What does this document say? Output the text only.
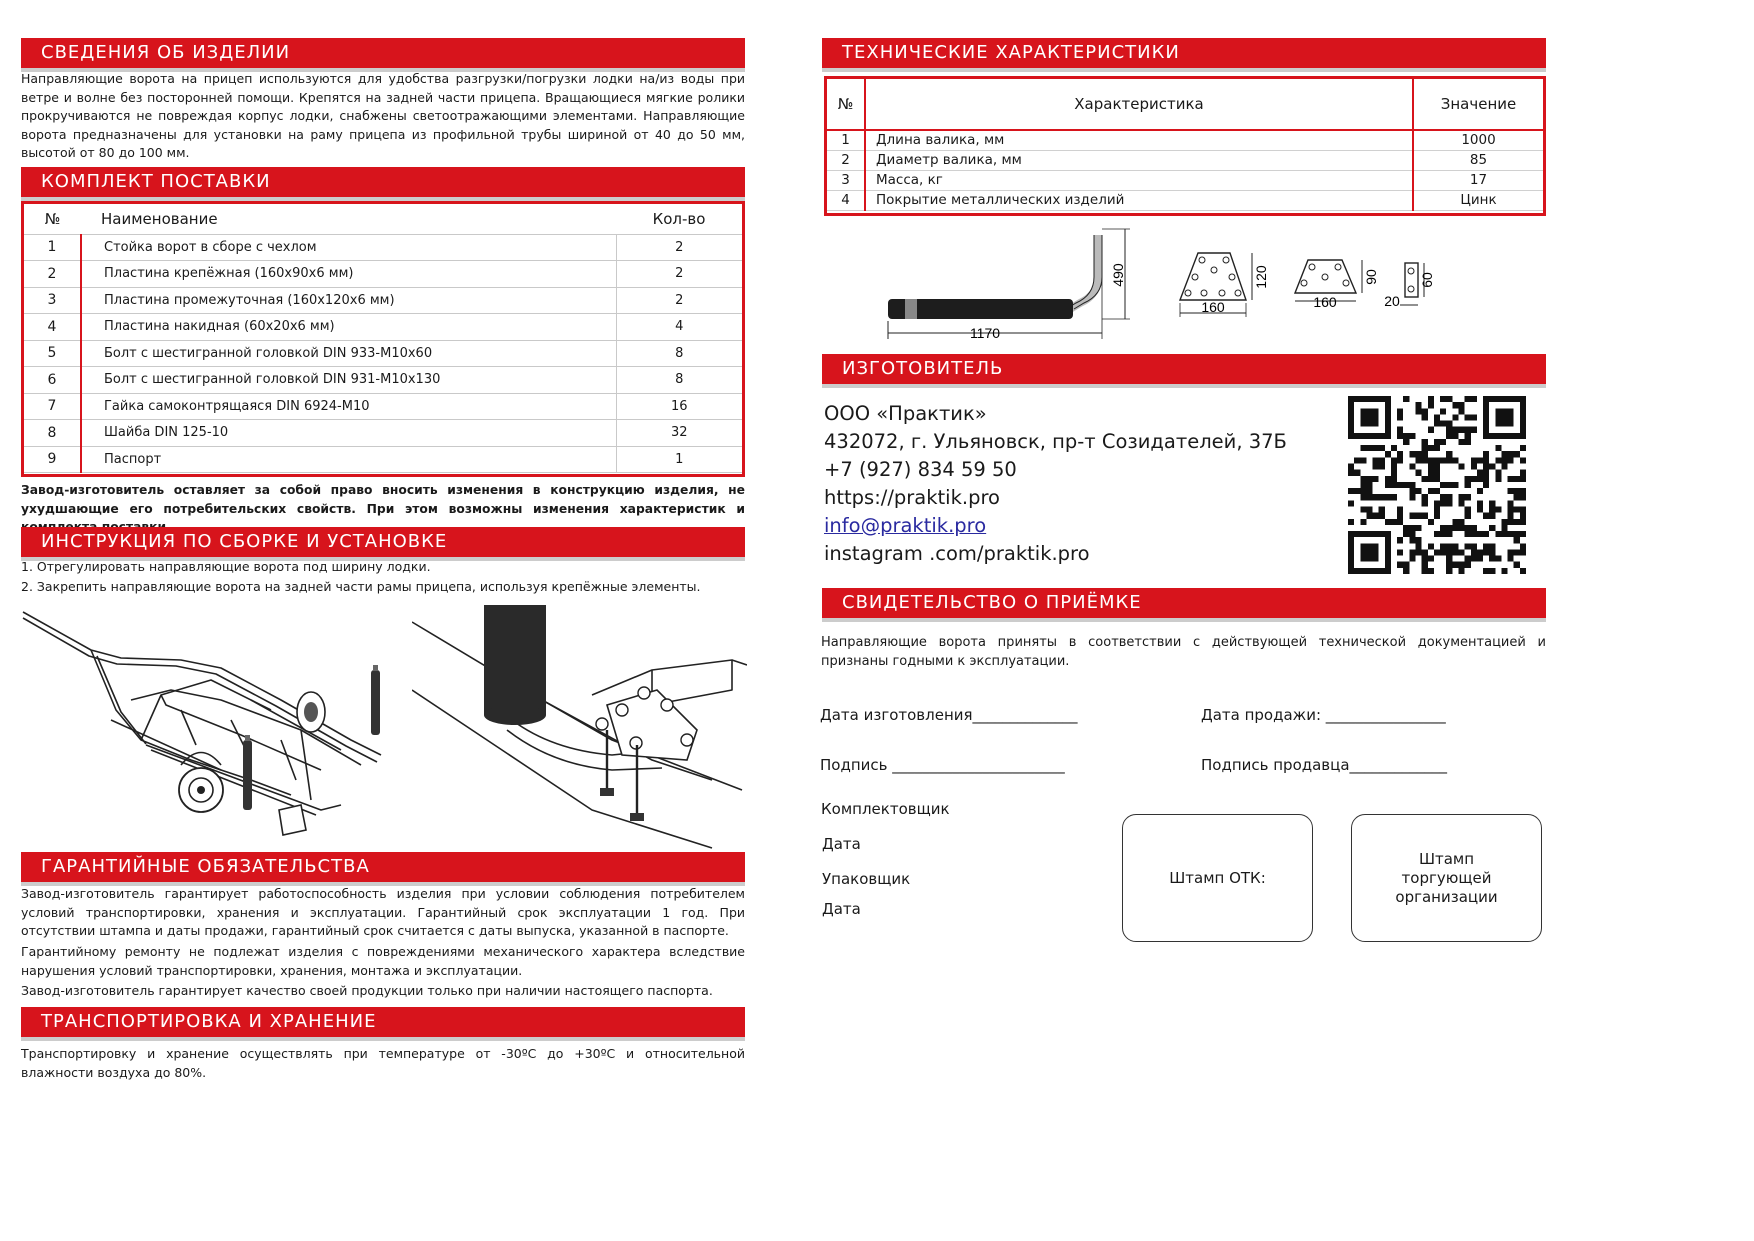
СВЕДЕНИЯ ОБ ИЗДЕЛИИ
Направляющие ворота на прицеп используются для удобства разгрузки/погрузки лодки на/из воды при ветре и волне без посторонней помощи. Крепятся на задней части прицепа. Вращающиеся мягкие ролики прокручиваются не повреждая корпус лодки, снабжены светоотражающими элементами. Направляющие ворота предназначены для установки на раму прицепа из профильной трубы шириной от 40 до 50 мм, высотой от 80 до 100 мм.
КОМПЛЕКТ ПОСТАВКИ
№	Наименование	Кол-во
1	Стойка ворот в сборе с чехлом	2
2	Пластина крепёжная (160х90х6 мм)	2
3	Пластина промежуточная (160х120х6 мм)	2
4	Пластина накидная (60х20х6 мм)	4
5	Болт с шестигранной головкой DIN 933-M10х60	8
6	Болт с шестигранной головкой DIN 931-M10х130	8
7	Гайка самоконтрящаяся DIN 6924-M10	16
8	Шайба DIN 125-10	32
9	Паспорт	1
Завод-изготовитель оставляет за собой право вносить изменения в конструкцию изделия, не ухудшающие его потребительских свойств. При этом возможны изменения характеристик и
ИНСТРУКЦИЯ ПО СБОРКЕ И УСТАНОВКЕ
1. Отрегулировать направляющие ворота под ширину лодки.
2. Закрепить направляющие ворота на задней части рамы прицепа, используя крепёжные элементы.
ГАРАНТИЙНЫЕ ОБЯЗАТЕЛЬСТВА
Завод-изготовитель гарантирует работоспособность изделия при условии соблюдения потребителем условий транспортировки, хранения и эксплуатации. Гарантийный срок эксплуатации 1 год. При отсутствии штампа и даты продажи, гарантийный срок считается с даты выпуска, указанной в паспорте.
Гарантийному ремонту не подлежат изделия с повреждениями механического характера вследствие нарушения условий транспортировки, хранения, монтажа и эксплуатации.
Завод-изготовитель гарантирует качество своей продукции только при наличии настоящего паспорта.
ТРАНСПОРТИРОВКА И ХРАНЕНИЕ
Транспортировку и хранение осуществлять при температуре от -30ºС до +30ºС и относительной влажности воздуха до 80%.
ТЕХНИЧЕСКИЕ ХАРАКТЕРИСТИКИ
№	Характеристика	Значение
1	Длина валика, мм	1000
2	Диаметр валика, мм	85
3	Масса, кг	17
4	Покрытие металлических изделий	Цинк
1170
490
160
120
160
90
20
60
ИЗГОТОВИТЕЛЬ
ООО «Практик»
432072, г. Ульяновск, пр-т Созидателей, 37Б
+7 (927) 834 59 50
https://praktik.pro
info@praktik.pro
instagram .com/praktik.pro
СВИДЕТЕЛЬСТВО О ПРИЁМКЕ
Направляющие ворота приняты в соответствии с действующей технической документацией и признаны годными к эксплуатации.
Дата изготовления______________	Дата продажи: ________________
Подпись _______________________	Подпись продавца_____________
Комплектовщик
Дата
Упаковщик
Дата
Штамп ОТК:
Штамп торгующей организации
